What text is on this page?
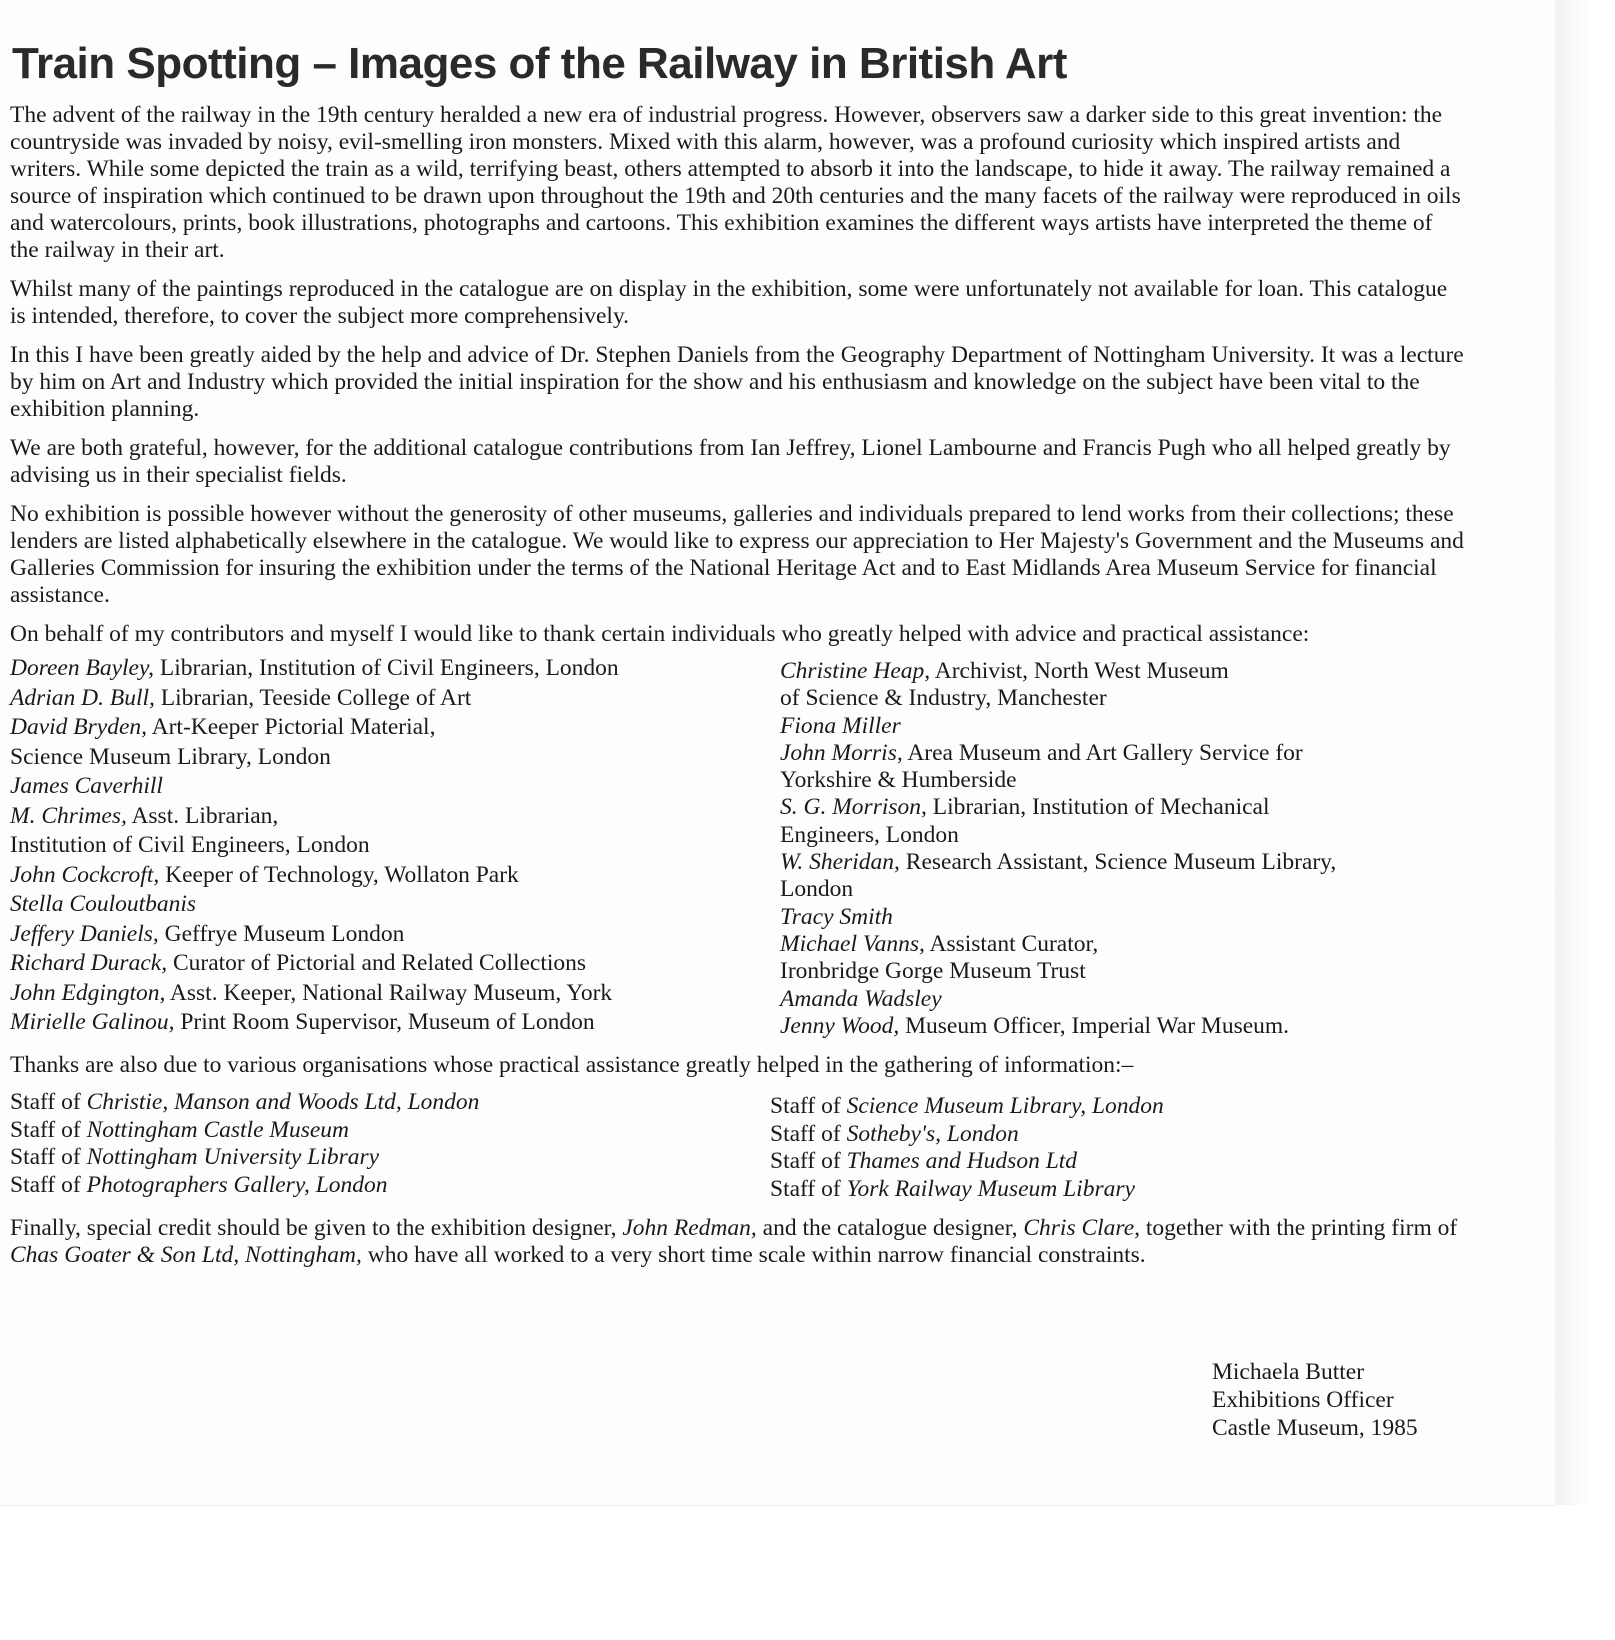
Train Spotting – Images of the Railway in British Art

The advent of the railway in the 19th century heralded a new era of industrial progress. However, observers saw a darker side to this great invention: the countryside was invaded by noisy, evil-smelling iron monsters. Mixed with this alarm, however, was a profound curiosity which inspired artists and writers. While some depicted the train as a wild, terrifying beast, others attempted to absorb it into the landscape, to hide it away. The railway remained a source of inspiration which continued to be drawn upon throughout the 19th and 20th centuries and the many facets of the railway were reproduced in oils and watercolours, prints, book illustrations, photographs and cartoons. This exhibition examines the different ways artists have interpreted the theme of the railway in their art.

Whilst many of the paintings reproduced in the catalogue are on display in the exhibition, some were unfortunately not available for loan. This catalogue is intended, therefore, to cover the subject more comprehensively.

In this I have been greatly aided by the help and advice of Dr. Stephen Daniels from the Geography Department of Nottingham University. It was a lecture by him on Art and Industry which provided the initial inspiration for the show and his enthusiasm and knowledge on the subject have been vital to the exhibition planning.

We are both grateful, however, for the additional catalogue contributions from Ian Jeffrey, Lionel Lambourne and Francis Pugh who all helped greatly by advising us in their specialist fields.

No exhibition is possible however without the generosity of other museums, galleries and individuals prepared to lend works from their collections; these lenders are listed alphabetically elsewhere in the catalogue. We would like to express our appreciation to Her Majesty's Government and the Museums and Galleries Commission for insuring the exhibition under the terms of the National Heritage Act and to East Midlands Area Museum Service for financial assistance.

On behalf of my contributors and myself I would like to thank certain individuals who greatly helped with advice and practical assistance:

Doreen Bayley, Librarian, Institution of Civil Engineers, London
Adrian D. Bull, Librarian, Teeside College of Art
David Bryden, Art-Keeper Pictorial Material,
Science Museum Library, London
James Caverhill
M. Chrimes, Asst. Librarian,
Institution of Civil Engineers, London
John Cockcroft, Keeper of Technology, Wollaton Park
Stella Couloutbanis
Jeffery Daniels, Geffrye Museum London
Richard Durack, Curator of Pictorial and Related Collections
John Edgington, Asst. Keeper, National Railway Museum, York
Mirielle Galinou, Print Room Supervisor, Museum of London
Christine Heap, Archivist, North West Museum
of Science & Industry, Manchester
Fiona Miller
John Morris, Area Museum and Art Gallery Service for
Yorkshire & Humberside
S. G. Morrison, Librarian, Institution of Mechanical
Engineers, London
W. Sheridan, Research Assistant, Science Museum Library,
London
Tracy Smith
Michael Vanns, Assistant Curator,
Ironbridge Gorge Museum Trust
Amanda Wadsley
Jenny Wood, Museum Officer, Imperial War Museum.

Thanks are also due to various organisations whose practical assistance greatly helped in the gathering of information:–

Staff of Christie, Manson and Woods Ltd, London
Staff of Nottingham Castle Museum
Staff of Nottingham University Library
Staff of Photographers Gallery, London
Staff of Science Museum Library, London
Staff of Sotheby's, London
Staff of Thames and Hudson Ltd
Staff of York Railway Museum Library

Finally, special credit should be given to the exhibition designer, John Redman, and the catalogue designer, Chris Clare, together with the printing firm of Chas Goater & Son Ltd, Nottingham, who have all worked to a very short time scale within narrow financial constraints.

Michaela Butter
Exhibitions Officer
Castle Museum, 1985
